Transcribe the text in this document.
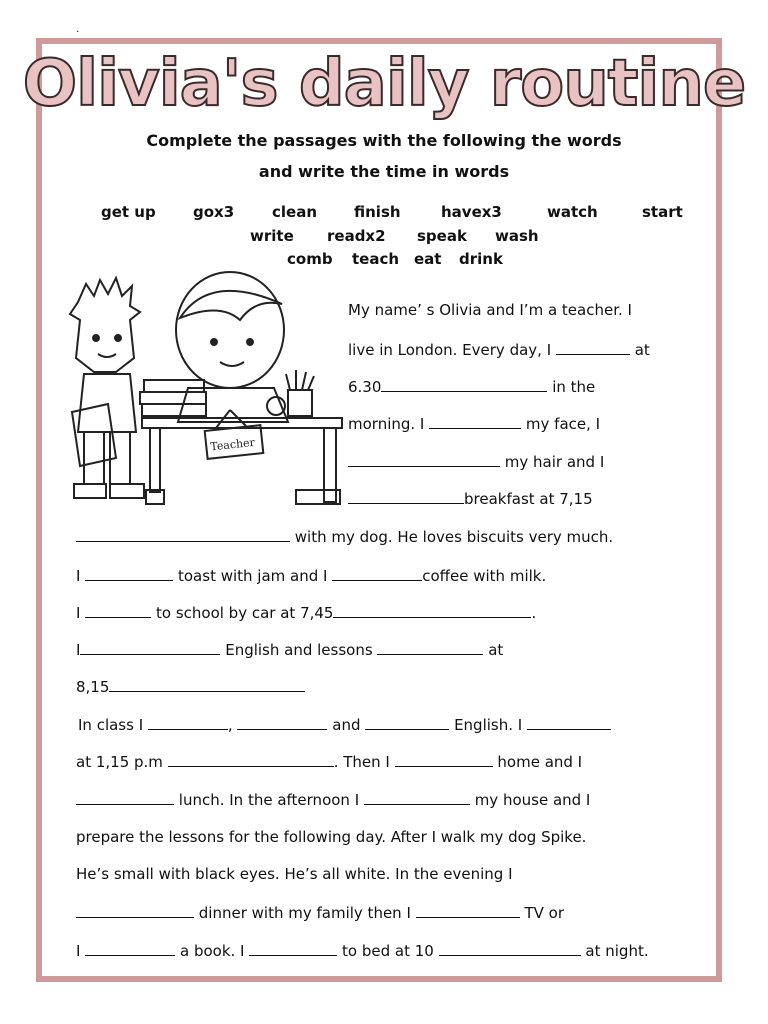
.
Olivia's daily routine
Complete the passages with the following the words
and write the time in words
get up gox3	clean finish	havex3	watch	start
write readx2 speak wash
comb teach eat drink
Teacher
My name’ s Olivia and I’m a teacher. I
live in London. Every day, I	at
6.30	in the
morning. I	my face, I
my hair and I
breakfast at 7,15
with my dog. He loves biscuits very much.
I	toast with jam and I	coffee with milk.
I	to school by car at 7,45	.
I	English and lessons	at
8,15
In class I	,	and	English. I
at 1,15 p.m	. Then I	home and I
lunch. In the afternoon I	my house and I
prepare the lessons for the following day. After I walk my dog Spike.
He’s small with black eyes. He’s all white. In the evening I
dinner with my family then I	TV or
I	a book. I	to bed at 10	at night.
